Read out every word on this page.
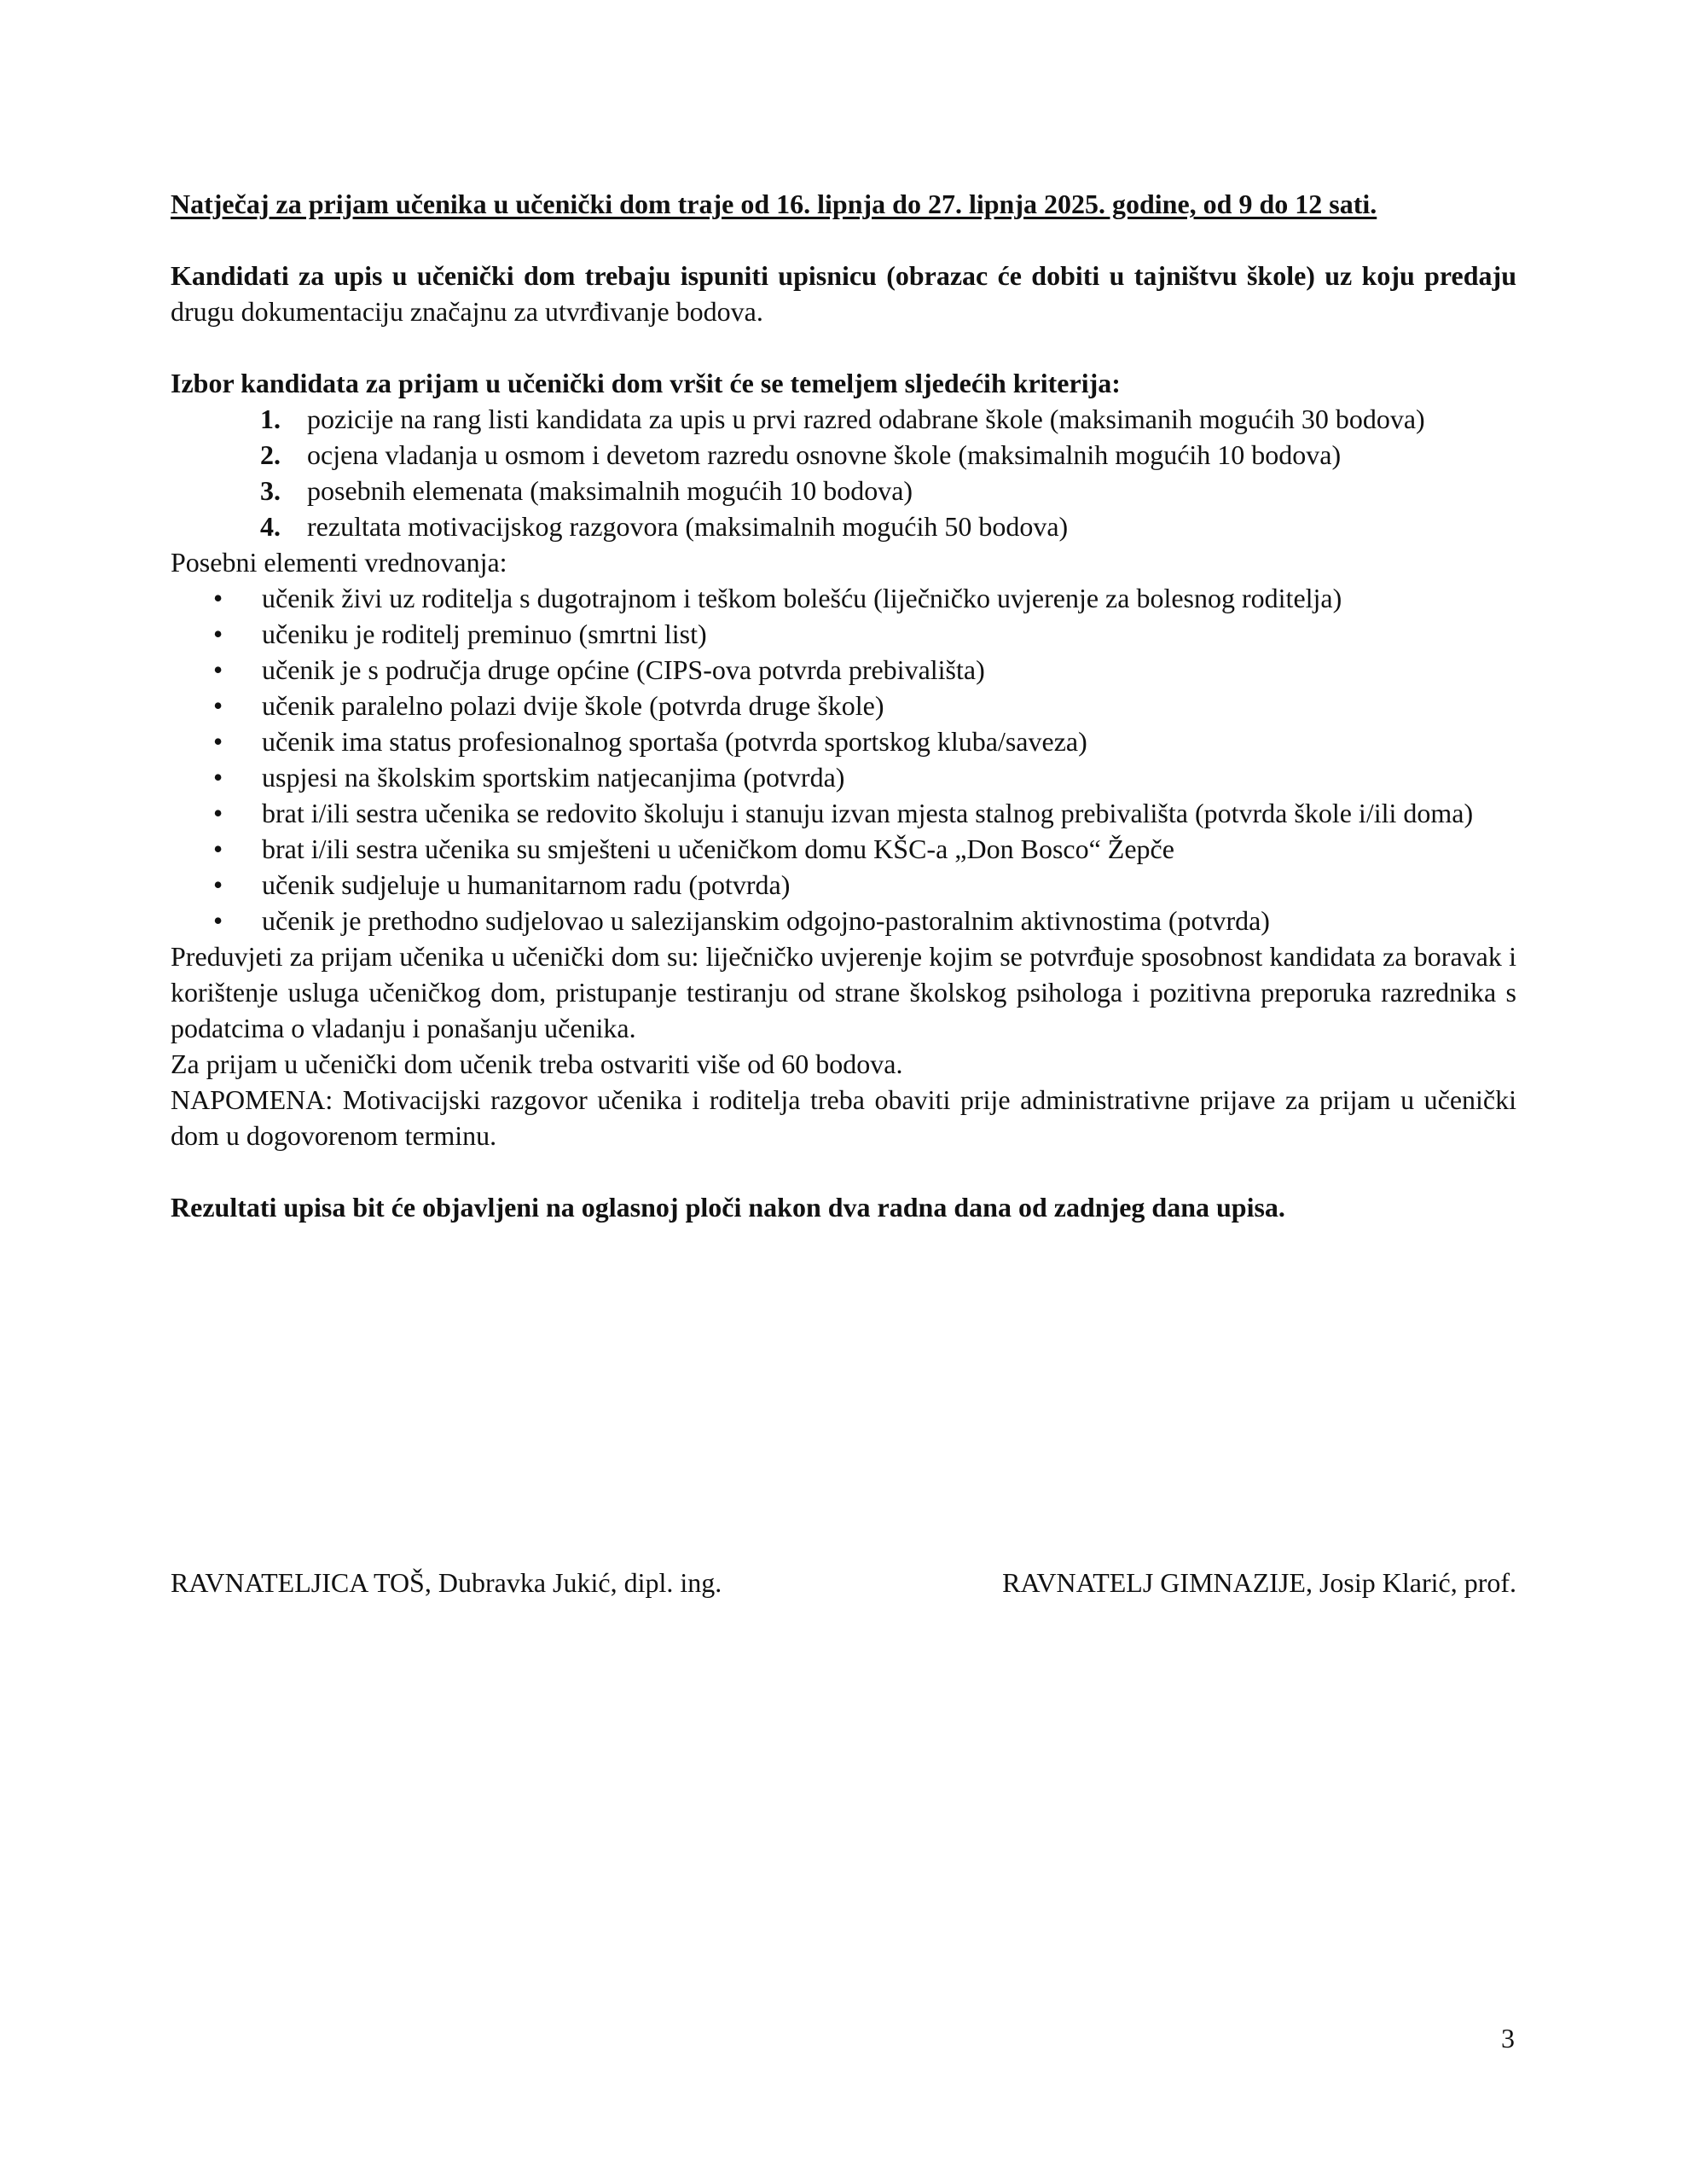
Natječaj za prijam učenika u učenički dom traje od 16. lipnja do 27. lipnja 2025. godine, od 9 do 12 sati.

Kandidati za upis u učenički dom trebaju ispuniti upisnicu (obrazac će dobiti u tajništvu škole) uz koju predaju drugu dokumentaciju značajnu za utvrđivanje bodova.

Izbor kandidata za prijam u učenički dom vršit će se temeljem sljedećih kriterija:

1. pozicije na rang listi kandidata za upis u prvi razred odabrane škole (maksimanih mogućih 30 bodova)
2. ocjena vladanja u osmom i devetom razredu osnovne škole (maksimalnih mogućih 10 bodova)
3. posebnih elemenata (maksimalnih mogućih 10 bodova)
4. rezultata motivacijskog razgovora (maksimalnih mogućih 50 bodova)

Posebni elementi vrednovanja:

• učenik živi uz roditelja s dugotrajnom i teškom bolešću (liječničko uvjerenje za bolesnog roditelja)
• učeniku je roditelj preminuo (smrtni list)
• učenik je s područja druge općine (CIPS-ova potvrda prebivališta)
• učenik paralelno polazi dvije škole (potvrda druge škole)
• učenik ima status profesionalnog sportaša (potvrda sportskog kluba/saveza)
• uspjesi na školskim sportskim natjecanjima (potvrda)
• brat i/ili sestra učenika se redovito školuju i stanuju izvan mjesta stalnog prebivališta (potvrda škole i/ili doma)
• brat i/ili sestra učenika su smješteni u učeničkom domu KŠC-a „Don Bosco“ Žepče
• učenik sudjeluje u humanitarnom radu (potvrda)
• učenik je prethodno sudjelovao u salezijanskim odgojno-pastoralnim aktivnostima (potvrda)

Preduvjeti za prijam učenika u učenički dom su: liječničko uvjerenje kojim se potvrđuje sposobnost kandidata za boravak i korištenje usluga učeničkog dom, pristupanje testiranju od strane školskog psihologa i pozitivna preporuka razrednika s podatcima o vladanju i ponašanju učenika.

Za prijam u učenički dom učenik treba ostvariti više od 60 bodova.

NAPOMENA: Motivacijski razgovor učenika i roditelja treba obaviti prije administrativne prijave za prijam u učenički dom u dogovorenom terminu.

Rezultati upisa bit će objavljeni na oglasnoj ploči nakon dva radna dana od zadnjeg dana upisa.

RAVNATELJICA TOŠ, Dubravka Jukić, dipl. ing.	RAVNATELJ GIMNAZIJE, Josip Klarić, prof.
3
